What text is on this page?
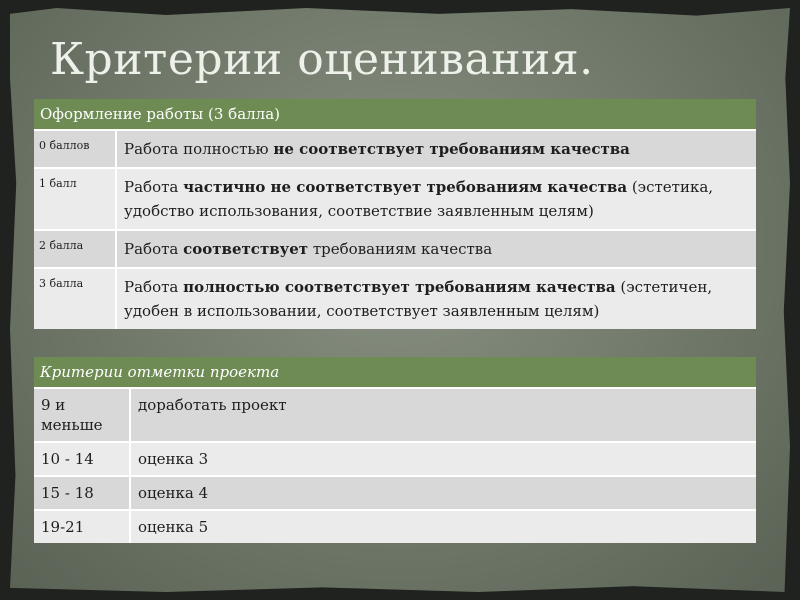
Критерии оценивания.
Оформление работы (3 балла)	
0 баллов	Работа полностью не соответствует требованиям качества
1 балл	Работа частично не соответствует требованиям качества (эстетика, удобство использования, соответствие заявленным целям)
2 балла	Работа соответствует требованиям качества
3 балла	Работа полностью соответствует требованиям качества (эстетичен, удобен в использовании, соответствует заявленным целям)
Критерии отметки проекта	
9 и меньше	доработать проект
10 - 14	оценка 3
15 - 18	оценка 4
19-21	оценка 5
